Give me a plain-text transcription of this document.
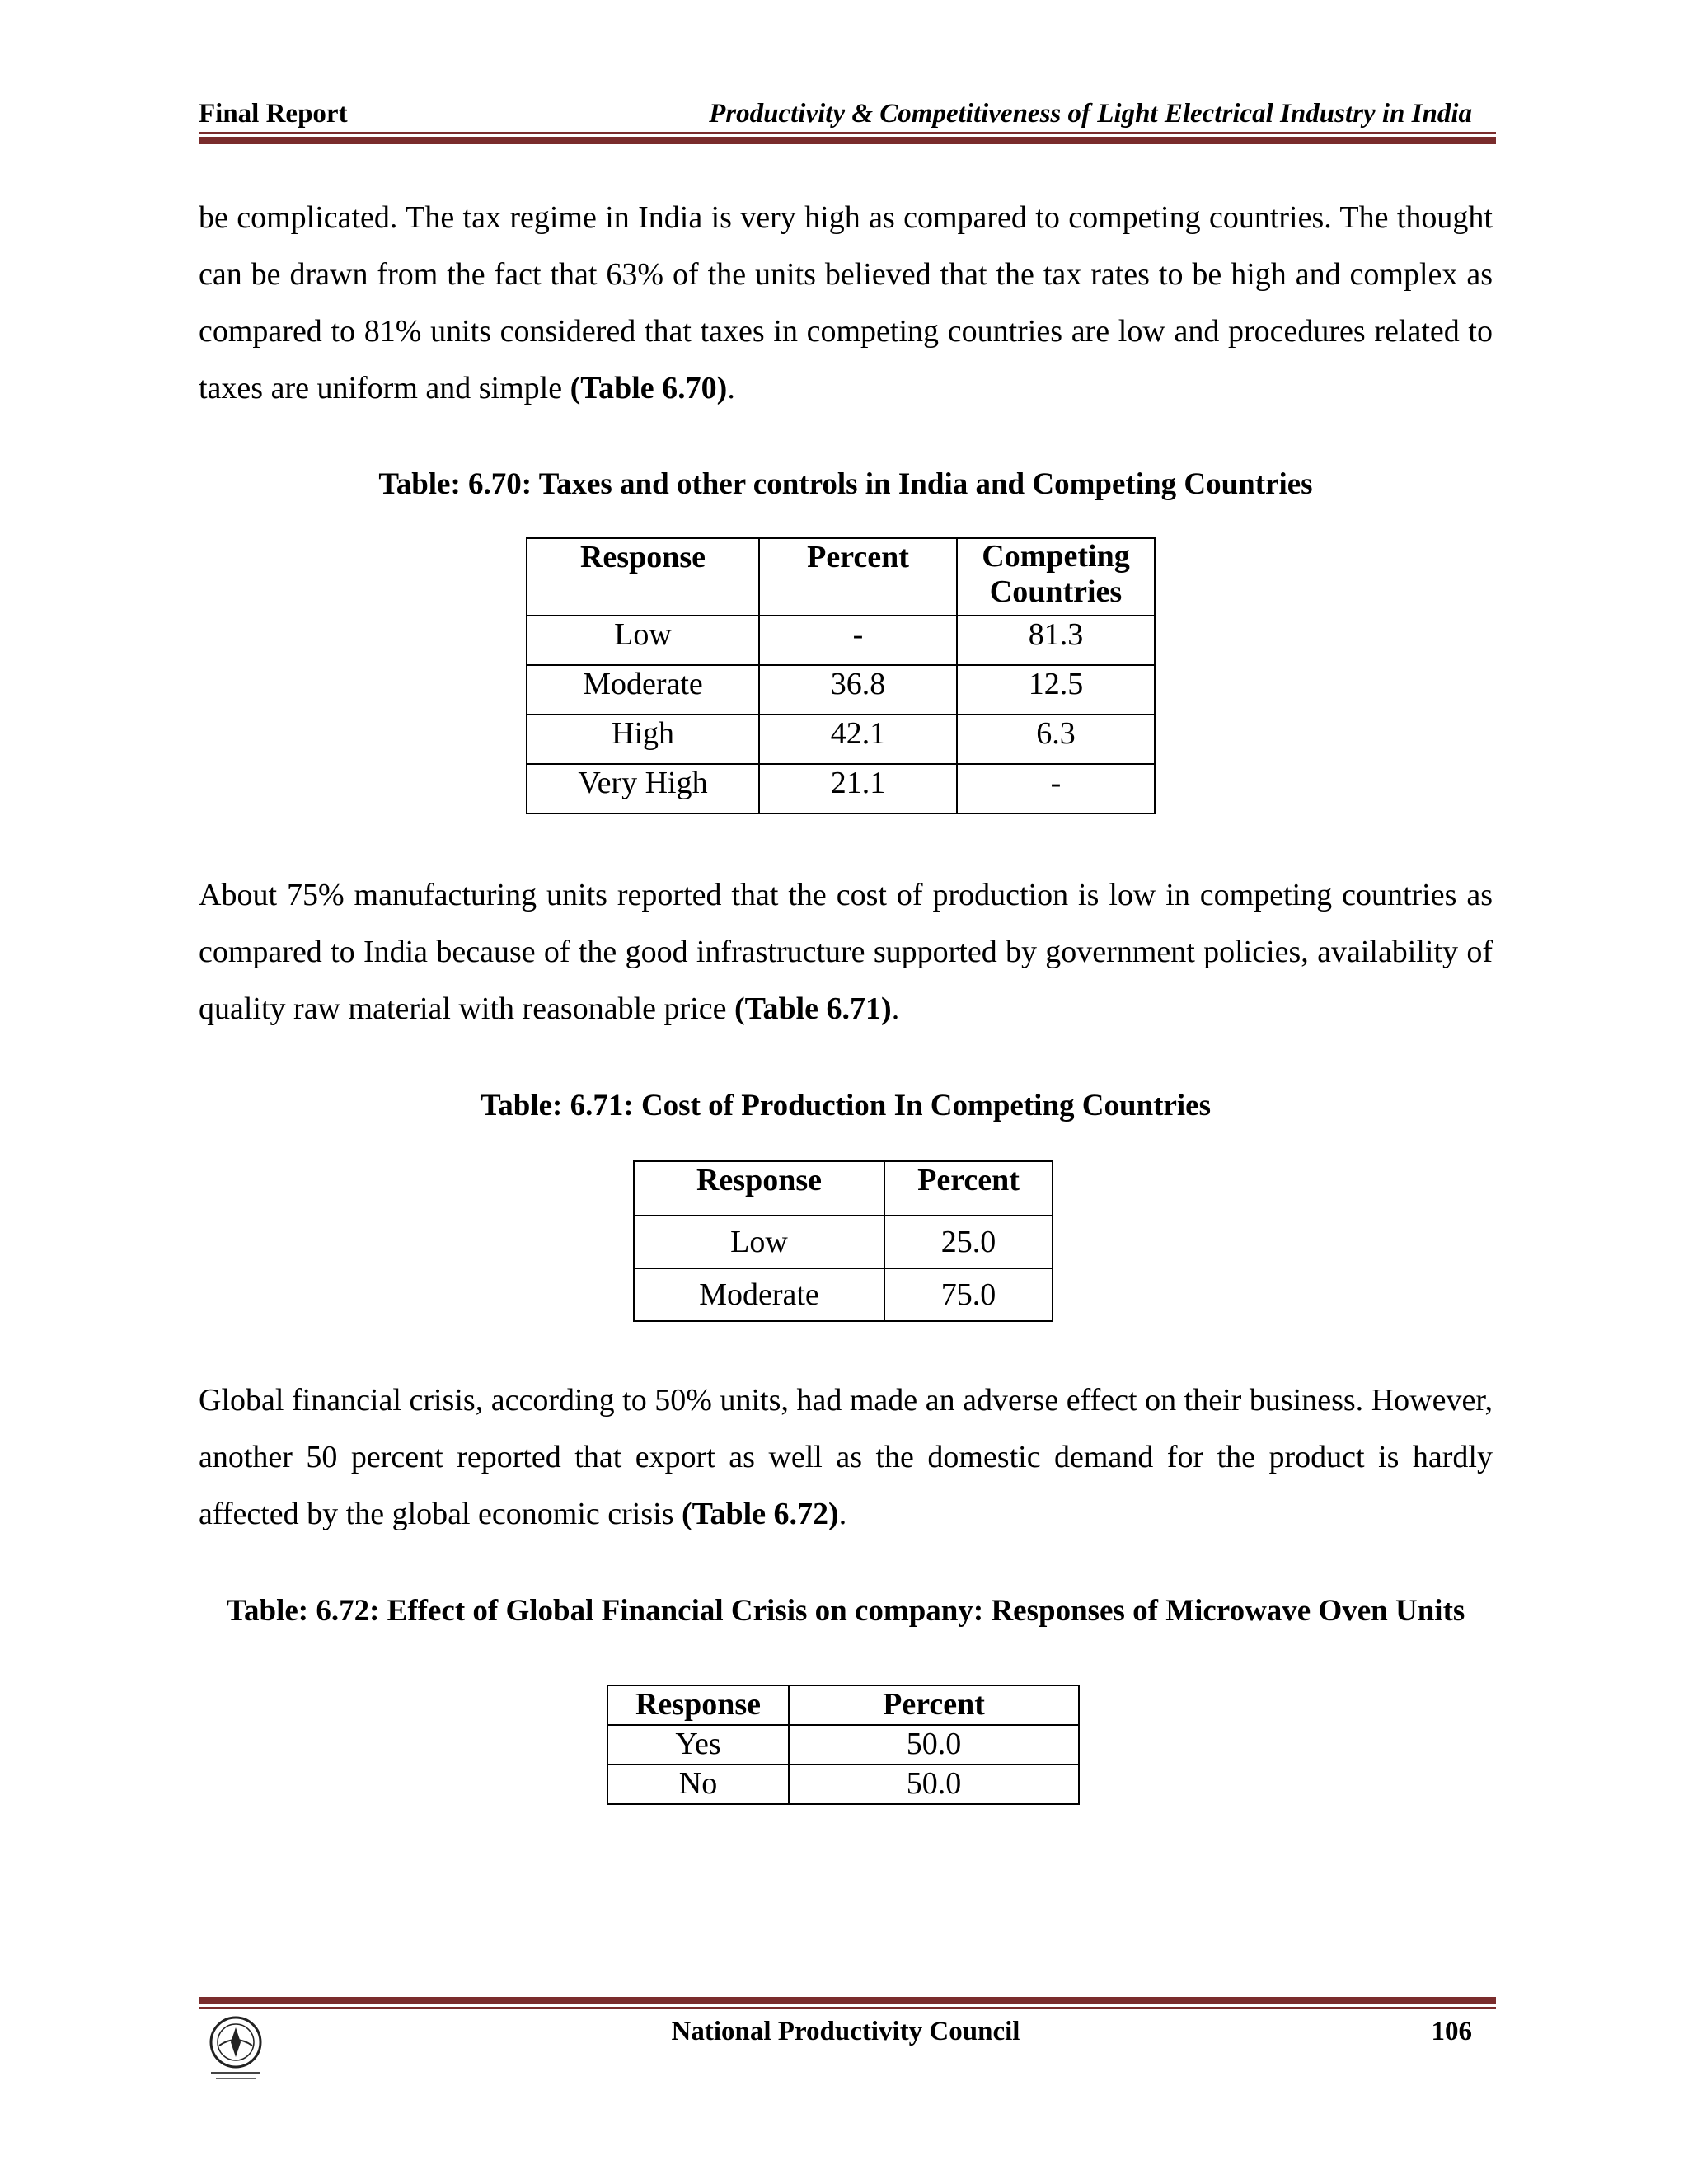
Final Report	Productivity & Competitiveness of Light Electrical Industry in India
be complicated. The tax regime in India is very high as compared to competing countries. The thought can be drawn from the fact that 63% of the units believed that the tax rates to be high and complex as compared to 81% units considered that taxes in competing countries are low and procedures related to taxes are uniform and simple (Table 6.70).
Table: 6.70: Taxes and other controls in India and Competing Countries
Response	Percent	Competing Countries
Low	-	81.3
Moderate	36.8	12.5
High	42.1	6.3
Very High	21.1	-
About 75% manufacturing units reported that the cost of production is low in competing countries as compared to India because of the good infrastructure supported by government policies, availability of quality raw material with reasonable price (Table 6.71).
Table: 6.71: Cost of Production In Competing Countries
Response	Percent
Low	25.0
Moderate	75.0
Global financial crisis, according to 50% units, had made an adverse effect on their business. However, another 50 percent reported that export as well as the domestic demand for the product is hardly affected by the global economic crisis (Table 6.72).
Table: 6.72: Effect of Global Financial Crisis on company: Responses of Microwave Oven Units
Response	Percent
Yes	50.0
No	50.0
National Productivity Council	106
